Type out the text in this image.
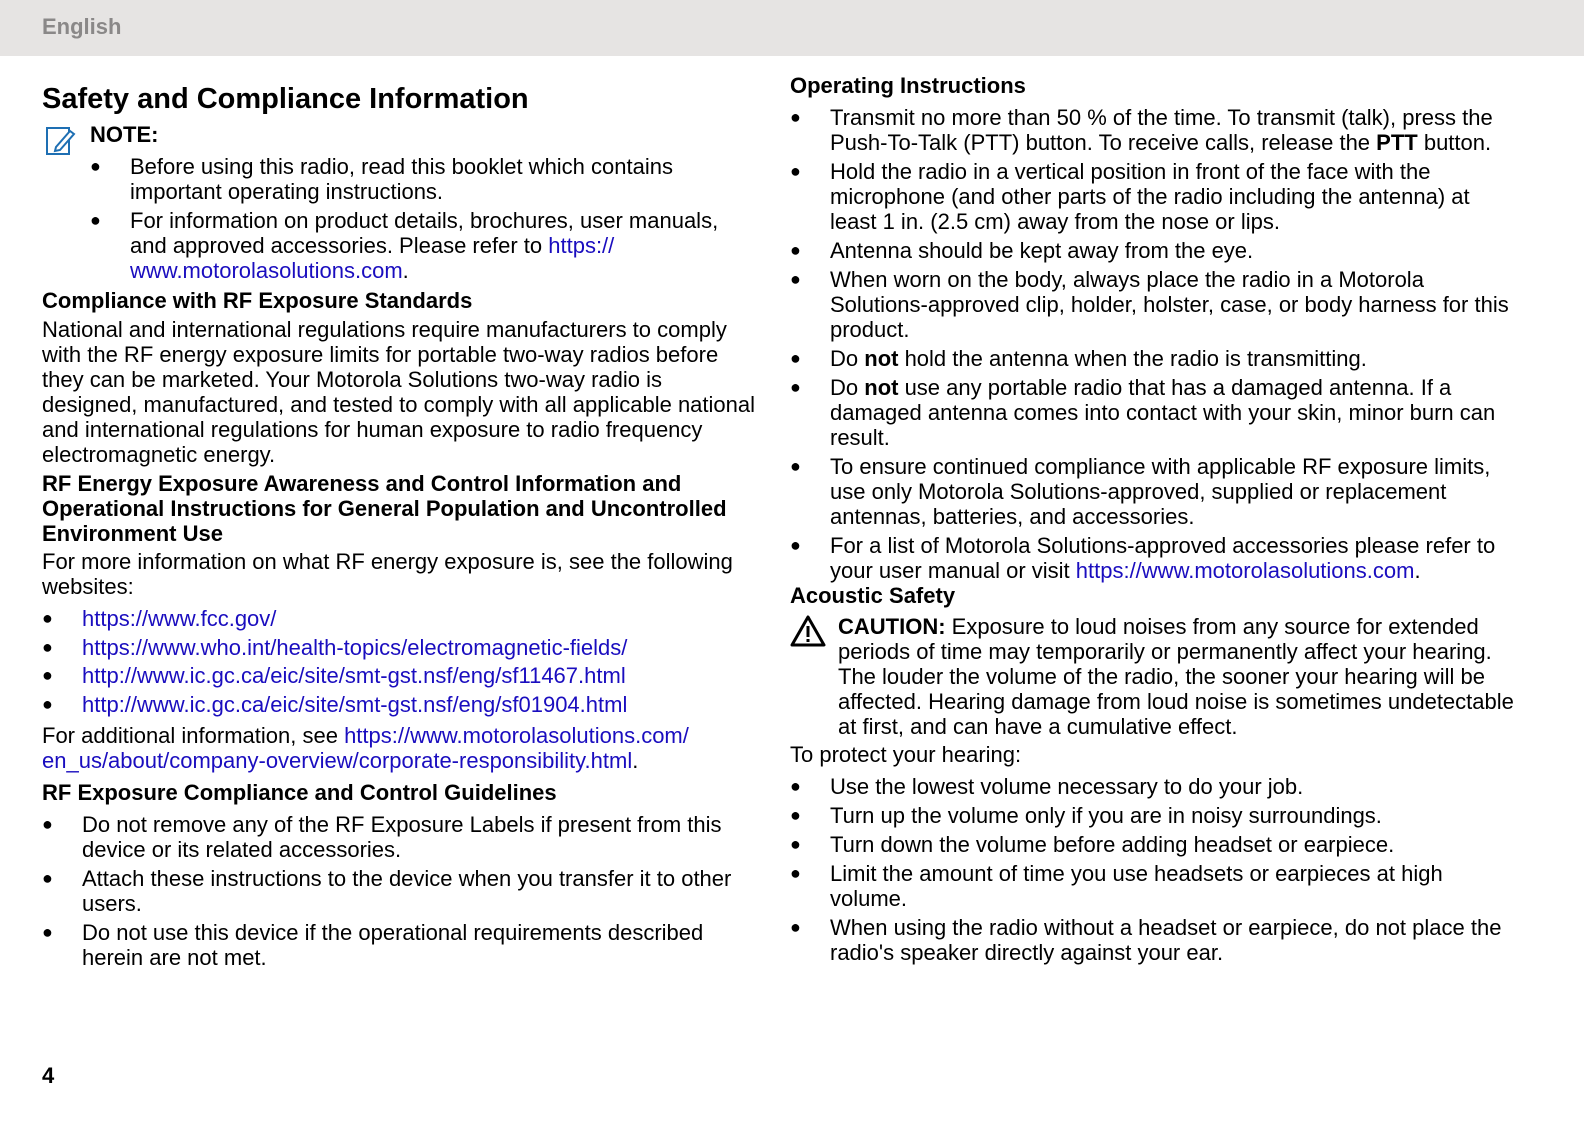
English
Safety and Compliance Information
NOTE:
● Before using this radio, read this booklet which contains important operating instructions.
● For information on product details, brochures, user manuals, and approved accessories. Please refer to https:// www.motorolasolutions.com.
Compliance with RF Exposure Standards

National and international regulations require manufacturers to comply with the RF energy exposure limits for portable two-way radios before they can be marketed. Your Motorola Solutions two-way radio is designed, manufactured, and tested to comply with all applicable national and international regulations for human exposure to radio frequency electromagnetic energy.

RF Energy Exposure Awareness and Control Information and Operational Instructions for General Population and Uncontrolled Environment Use

For more information on what RF energy exposure is, see the following websites:

● https://www.fcc.gov/
● https://www.who.int/health-topics/electromagnetic-fields/
● http://www.ic.gc.ca/eic/site/smt-gst.nsf/eng/sf11467.html
● http://www.ic.gc.ca/eic/site/smt-gst.nsf/eng/sf01904.html

For additional information, see https://www.motorolasolutions.com/ en_us/about/company-overview/corporate-responsibility.html.

RF Exposure Compliance and Control Guidelines
● Do not remove any of the RF Exposure Labels if present from this device or its related accessories.
● Attach these instructions to the device when you transfer it to other users.
● Do not use this device if the operational requirements described herein are not met.
Operating Instructions
● Transmit no more than 50 % of the time. To transmit (talk), press the Push-To-Talk (PTT) button. To receive calls, release the PTT button.
● Hold the radio in a vertical position in front of the face with the microphone (and other parts of the radio including the antenna) at least 1 in. (2.5 cm) away from the nose or lips.
● Antenna should be kept away from the eye.
● When worn on the body, always place the radio in a Motorola Solutions-approved clip, holder, holster, case, or body harness for this product.
● Do not hold the antenna when the radio is transmitting.
● Do not use any portable radio that has a damaged antenna. If a damaged antenna comes into contact with your skin, minor burn can result.
● To ensure continued compliance with applicable RF exposure limits, use only Motorola Solutions-approved, supplied or replacement antennas, batteries, and accessories.
● For a list of Motorola Solutions-approved accessories please refer to your user manual or visit https://www.motorolasolutions.com.
Acoustic Safety

CAUTION: Exposure to loud noises from any source for extended periods of time may temporarily or permanently affect your hearing. The louder the volume of the radio, the sooner your hearing will be affected. Hearing damage from loud noise is sometimes undetectable at first, and can have a cumulative effect.

To protect your hearing:

● Use the lowest volume necessary to do your job.
● Turn up the volume only if you are in noisy surroundings.
● Turn down the volume before adding headset or earpiece.
● Limit the amount of time you use headsets or earpieces at high volume.
● When using the radio without a headset or earpiece, do not place the radio's speaker directly against your ear.
4
